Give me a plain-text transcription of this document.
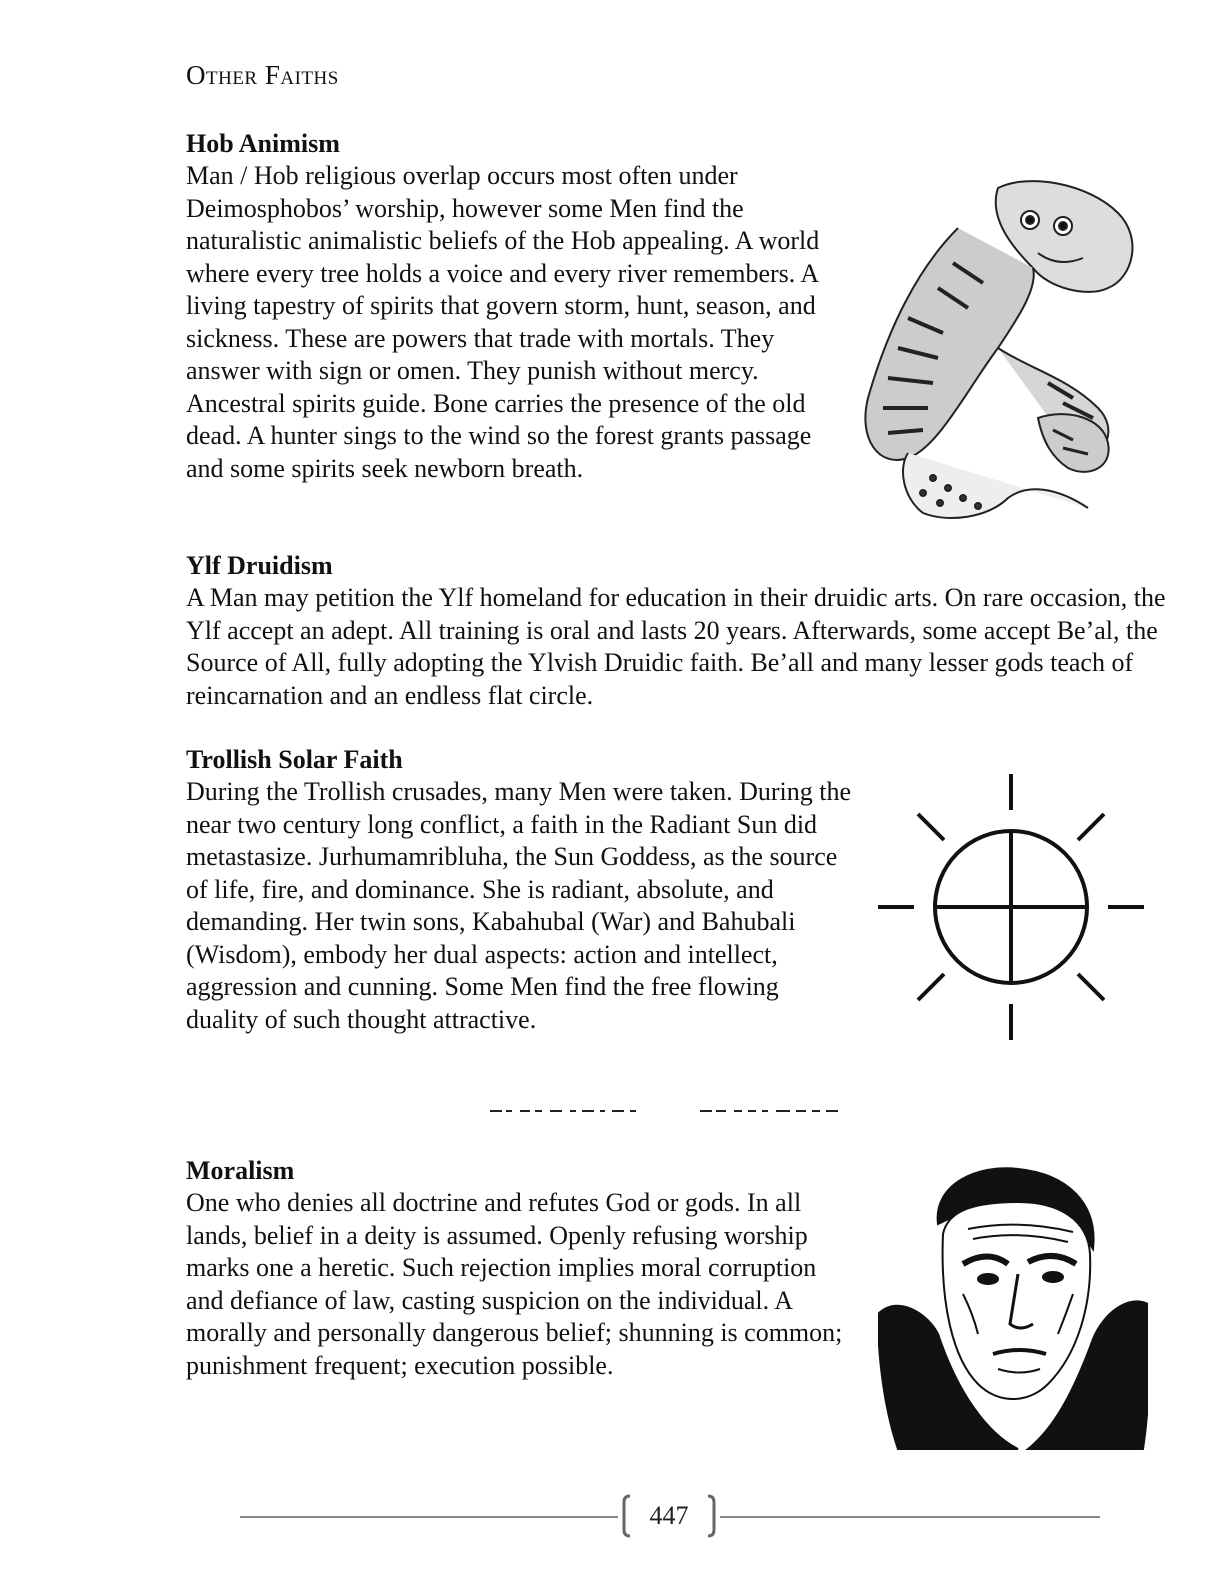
Other Faiths
Hob Animism

Man / Hob religious overlap occurs most often under Deimosphobos’ worship, however some Men find the naturalistic animalistic beliefs of the Hob appealing. A world where every tree holds a voice and every river remembers. A living tapestry of spirits that govern storm, hunt, season, and sickness. These are powers that trade with mortals. They answer with sign or omen. They punish without mercy. Ancestral spirits guide. Bone carries the presence of the old dead. A hunter sings to the wind so the forest grants passage and some spirits seek newborn breath.

Ylf Druidism

A Man may petition the Ylf homeland for education in their druidic arts. On rare occasion, the Ylf accept an adept. All training is oral and lasts 20 years. Afterwards, some accept Be’al, the Source of All, fully adopting the Ylvish Druidic faith. Be’all and many lesser gods teach of reincarnation and an endless flat circle.

Trollish Solar Faith

During the Trollish crusades, many Men were taken. During the near two century long conflict, a faith in the Radiant Sun did metastasize. Jurhumamribluha, the Sun Goddess, as the source of life, fire, and dominance. She is radiant, absolute, and demanding. Her twin sons, Kabahubal (War) and Bahubali (Wisdom), embody her dual aspects: action and intellect, aggression and cunning. Some Men find the free flowing duality of such thought attractive.

Moralism

One who denies all doctrine and refutes God or gods. In all lands, belief in a deity is assumed. Openly refusing worship marks one a heretic. Such rejection implies moral corruption and defiance of law, casting suspicion on the individual. A morally and personally dangerous belief; shunning is common; punishment frequent; execution possible.

447
